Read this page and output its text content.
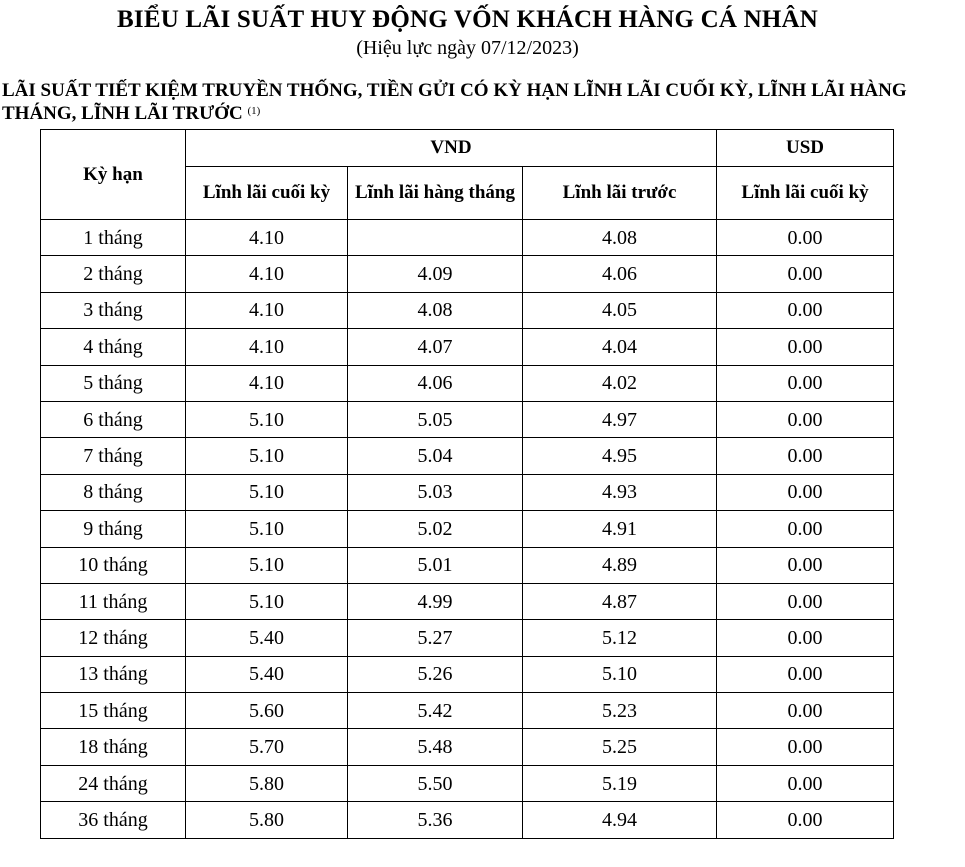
BIỂU LÃI SUẤT HUY ĐỘNG VỐN KHÁCH HÀNG CÁ NHÂN
(Hiệu lực ngày 07/12/2023)
LÃI SUẤT TIẾT KIỆM TRUYỀN THỐNG, TIỀN GỬI CÓ KỲ HẠN LĨNH LÃI CUỐI KỲ, LĨNH LÃI HÀNG THÁNG, LĨNH LÃI TRƯỚC $^{(1)}$
Kỳ hạn	VND			USD
	Lĩnh lãi cuối kỳ	Lĩnh lãi hàng tháng	Lĩnh lãi trước	Lĩnh lãi cuối kỳ
1 tháng	4.10		4.08	0.00
2 tháng	4.10	4.09	4.06	0.00
3 tháng	4.10	4.08	4.05	0.00
4 tháng	4.10	4.07	4.04	0.00
5 tháng	4.10	4.06	4.02	0.00
6 tháng	5.10	5.05	4.97	0.00
7 tháng	5.10	5.04	4.95	0.00
8 tháng	5.10	5.03	4.93	0.00
9 tháng	5.10	5.02	4.91	0.00
10 tháng	5.10	5.01	4.89	0.00
11 tháng	5.10	4.99	4.87	0.00
12 tháng	5.40	5.27	5.12	0.00
13 tháng	5.40	5.26	5.10	0.00
15 tháng	5.60	5.42	5.23	0.00
18 tháng	5.70	5.48	5.25	0.00
24 tháng	5.80	5.50	5.19	0.00
36 tháng	5.80	5.36	4.94	0.00
